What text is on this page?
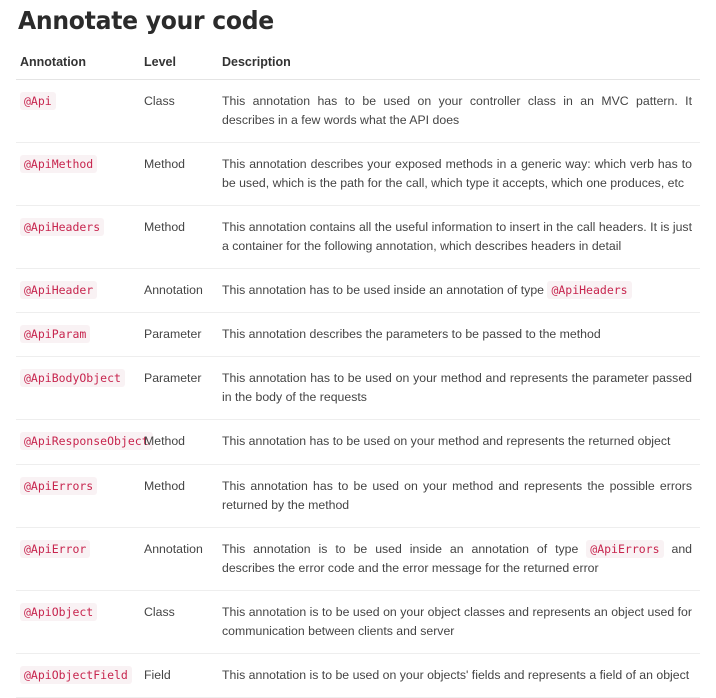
Annotate your code
Annotation	Level	Description
@Api	Class	This annotation has to be used on your controller class in an MVC pattern. It describes in a few words what the API does
@ApiMethod	Method	This annotation describes your exposed methods in a generic way: which verb has to be used, which is the path for the call, which type it accepts, which one produces, etc
@ApiHeaders	Method	This annotation contains all the useful information to insert in the call headers. It is just a container for the following annotation, which describes headers in detail
@ApiHeader	Annotation	This annotation has to be used inside an annotation of type @ApiHeaders
@ApiParam	Parameter	This annotation describes the parameters to be passed to the method
@ApiBodyObject	Parameter	This annotation has to be used on your method and represents the parameter passed in the body of the requests
@ApiResponseObject	Method	This annotation has to be used on your method and represents the returned object
@ApiErrors	Method	This annotation has to be used on your method and represents the possible errors returned by the method
@ApiError	Annotation	This annotation is to be used inside an annotation of type @ApiErrors and describes the error code and the error message for the returned error
@ApiObject	Class	This annotation is to be used on your object classes and represents an object used for communication between clients and server
@ApiObjectField	Field	This annotation is to be used on your objects' fields and represents a field of an object
